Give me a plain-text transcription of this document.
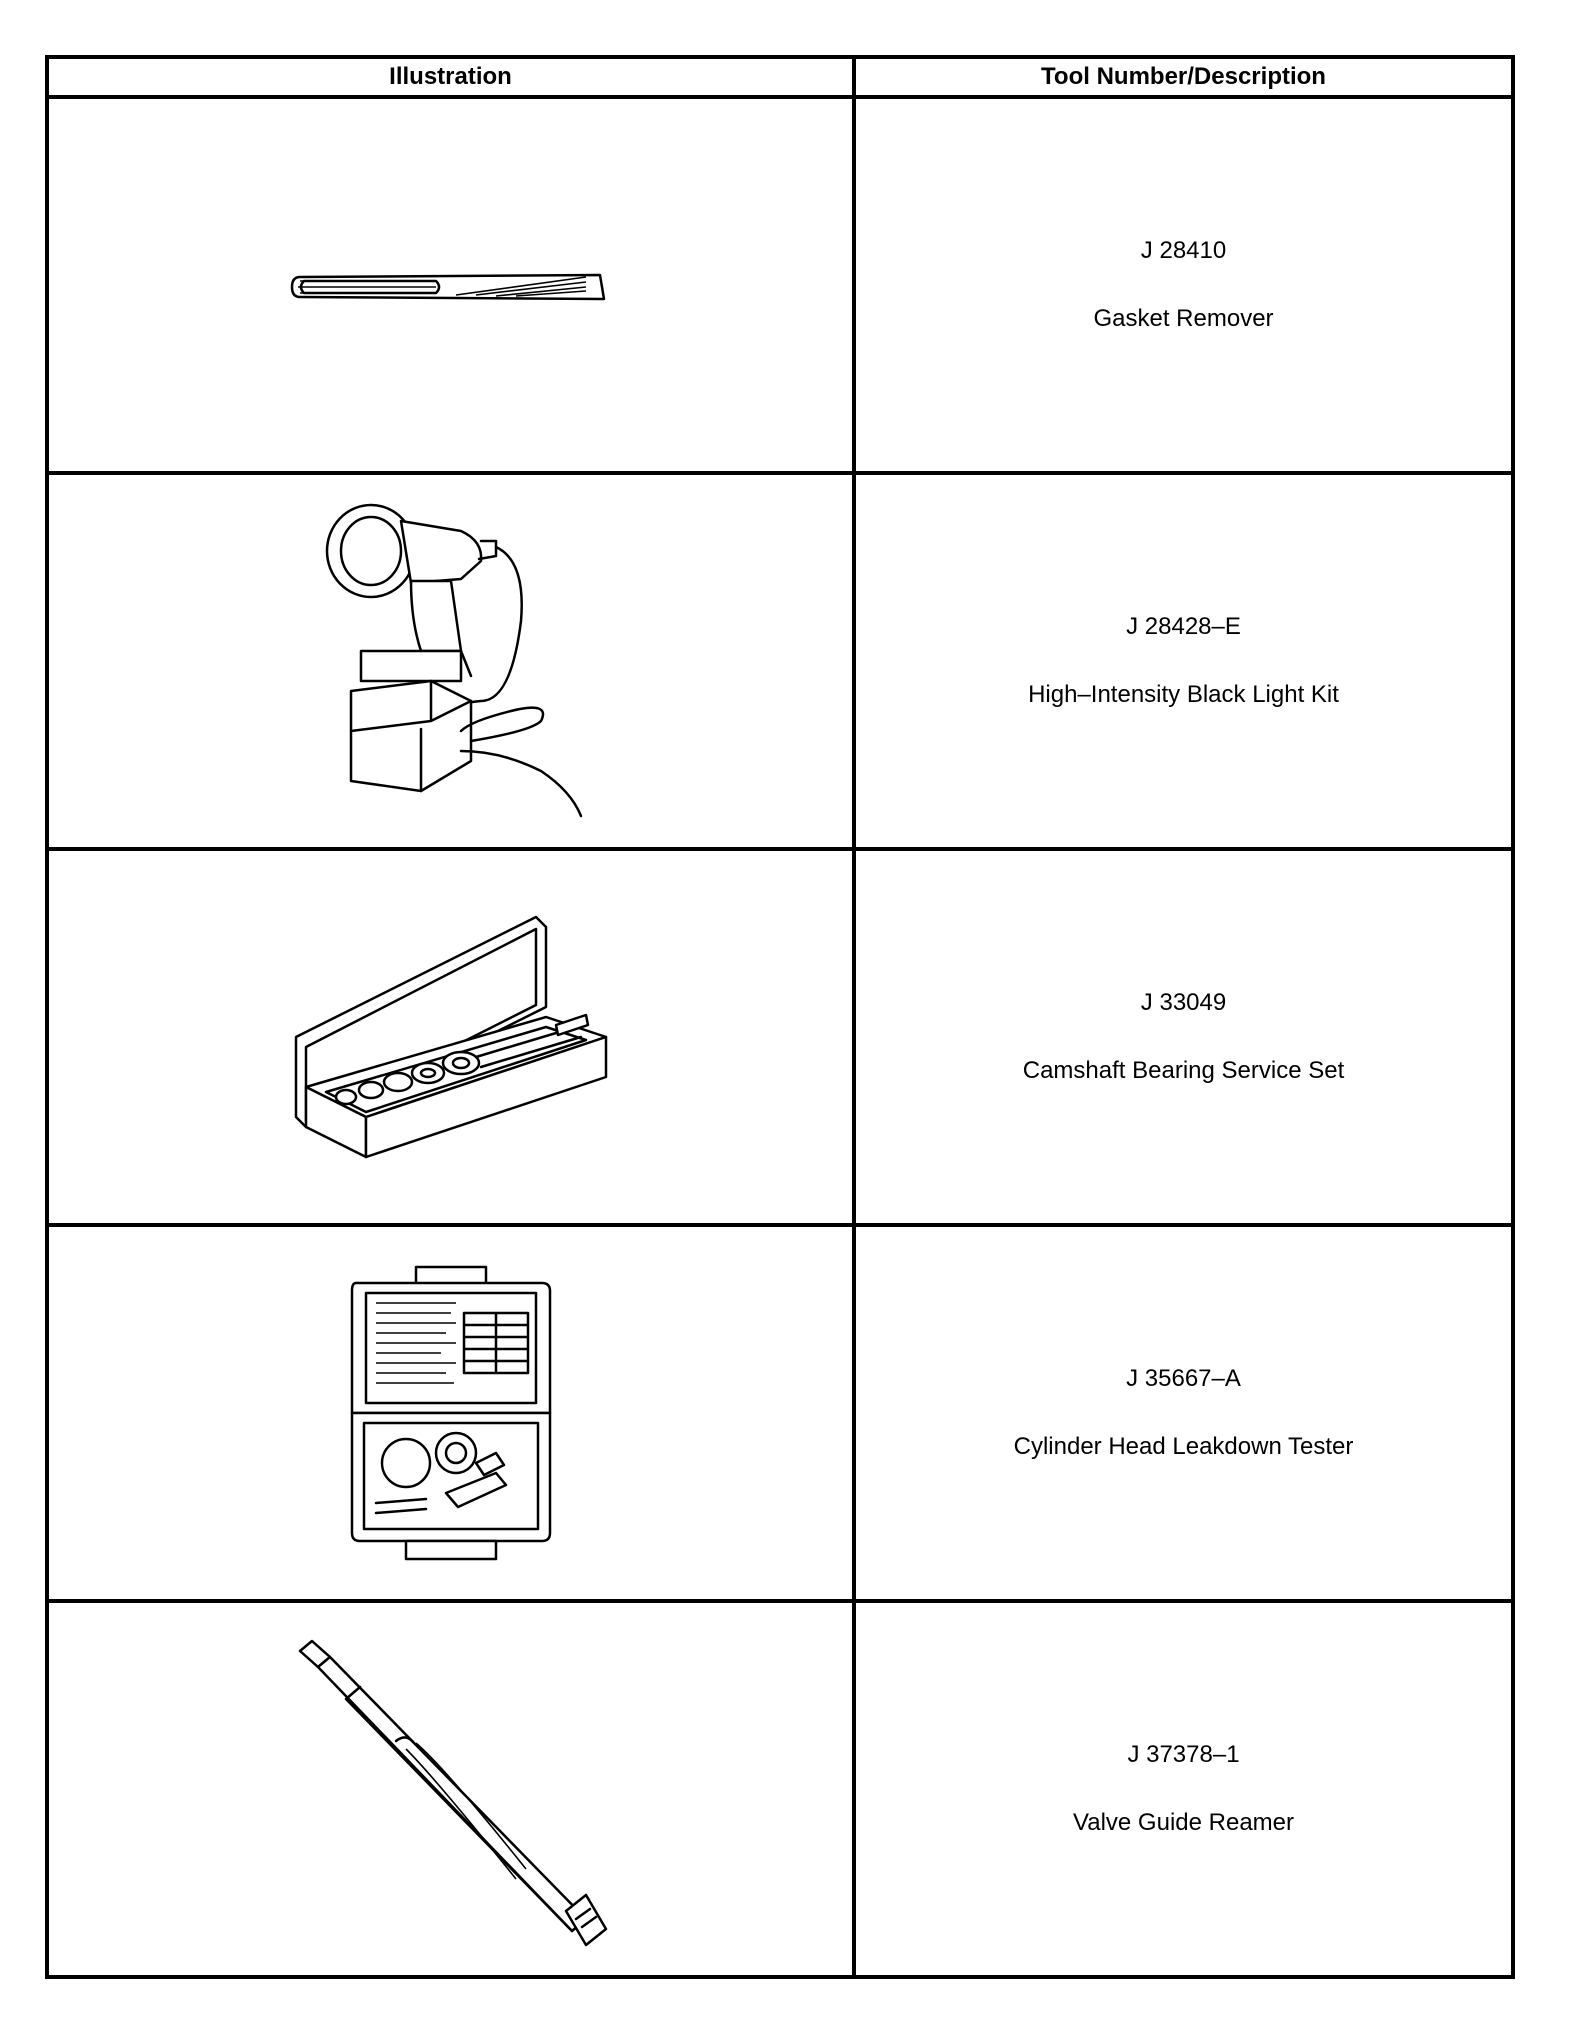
Illustration	Tool Number/Description

J 28410
Gasket Remover

J 28428–E
High–Intensity Black Light Kit

J 33049
Camshaft Bearing Service Set

J 35667–A
Cylinder Head Leakdown Tester

J 37378–1
Valve Guide Reamer
